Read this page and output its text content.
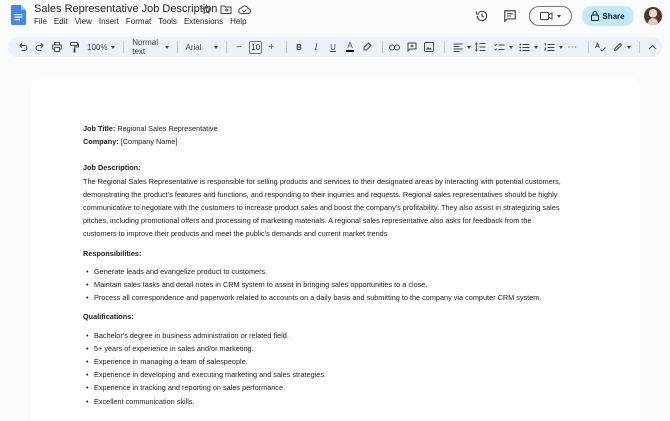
Sales Representative Job Description
File Edit View Insert Format Tools Extensions Help
Share
100%	Normal text	Arial	−	10 +	B I U A	⋯

Job Title: Regional Sales Representative

Company: [Company Name]

Job Description:

The Regional Sales Representative is responsible for selling products and services to their designated areas by interacting with potential customers, demonstrating the product's features and functions, and responding to their inquiries and requests. Regional sales representatives should be highly communicative to negotiate with the customers to increase product sales and boost the company's profitability. They also assist in strategizing sales pitches, including promotional offers and processing of marketing materials. A regional sales representative also asks for feedback from the customers to improve their products and meet the public's demands and current market trends

Responsibilities:

• Generate leads and evangelize product to customers.
• Maintain sales tasks and detail notes in CRM system to assist in bringing sales opportunities to a close.
• Process all correspondence and paperwork related to accounts on a daily basis and submitting to the company via computer CRM system.

Qualifications:

• Bachelor's degree in business administration or related field.
• 5+ years of experience in sales and/or marketing.
• Experience in managing a team of salespeople.
• Experience in developing and executing marketing and sales strategies.
• Experience in tracking and reporting on sales performance.
• Excellent communication skills.
